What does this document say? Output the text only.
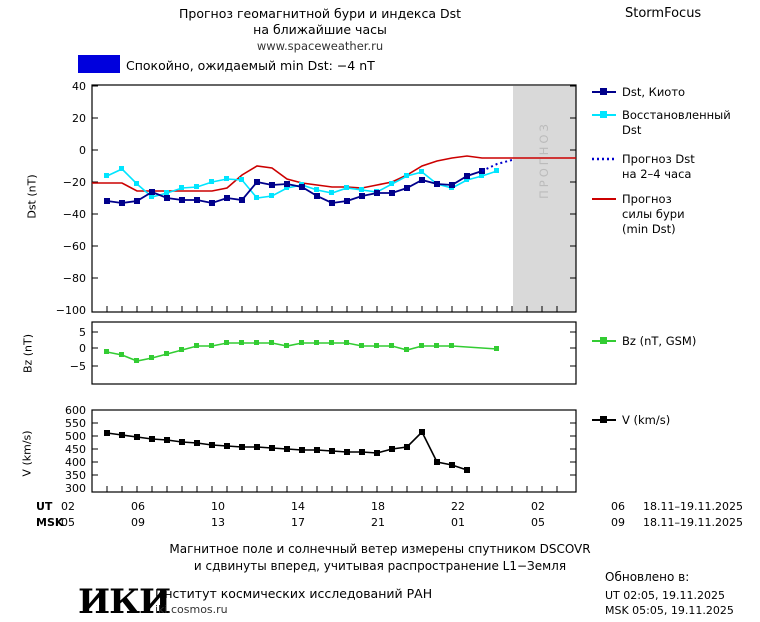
Прогноз геомагнитной бури и индекса Dst
на ближайшие часы
www.spaceweather.ru
StormFocus
Спокойно, ожидаемый min Dst: −4 nT
ПРОГНОЗ
40
20
0
−20
−40
−60
−80
−100
5
0
−5
600
550
500
450
400
350
300
Dst (nT)
Bz (nT)
V (km/s)
Dst, Киото
Восстановленный
Dst
Прогноз Dst
на 2–4 часа
Прогноз
силы бури
(min Dst)
Bz (nT, GSM)
V (km/s)
UT
MSK
02	06	10	14	18	22	02	06 18.11–19.11.2025
05	09	13	17	21	01	05	09 18.11–19.11.2025
Магнитное поле и солнечный ветер измерены спутником DSCOVR
и сдвинуты вперед, учитывая распространение L1−Земля
ИКИ
Институт космических исследований РАН
iki.cosmos.ru
Обновлено в:
UT 02:05, 19.11.2025
MSK 05:05, 19.11.2025
